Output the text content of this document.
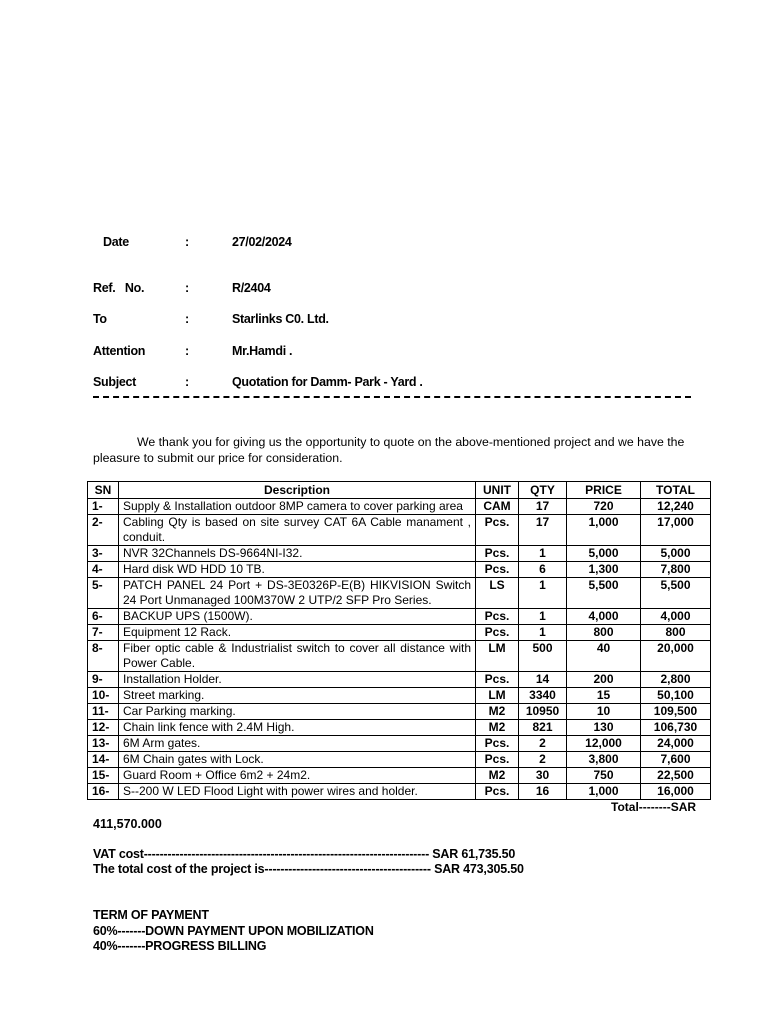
Date	:	27/02/2024
Ref.   No.	:	R/2404
To	:	Starlinks C0. Ltd.
Attention	:	Mr.Hamdi .
Subject	:	Quotation for Damm- Park - Yard .

We thank you for giving us the opportunity to quote on the above-mentioned project and we have the pleasure to submit our price for consideration.

SN	Description	UNIT	QTY	PRICE	TOTAL
1-	Supply & Installation outdoor 8MP camera to cover parking area	CAM	17	720	12,240
2-	Cabling Qty is based on site survey CAT 6A Cable manament , conduit.	Pcs.	17	1,000	17,000
3-	NVR 32Channels DS-9664NI-I32.	Pcs.	1	5,000	5,000
4-	Hard disk WD HDD 10 TB.	Pcs.	6	1,300	7,800
5-	PATCH PANEL 24 Port + DS-3E0326P-E(B) HIKVISION Switch 24 Port Unmanaged 100M370W 2 UTP/2 SFP Pro Series.	LS	1	5,500	5,500
6-	BACKUP UPS (1500W).	Pcs.	1	4,000	4,000
7-	Equipment 12 Rack.	Pcs.	1	800	800
8-	Fiber optic cable & Industrialist switch to cover all distance with Power Cable.	LM	500	40	20,000
9-	Installation Holder.	Pcs.	14	200	2,800
10-	Street marking.	LM	3340	15	50,100
11-	Car Parking marking.	M2	10950	10	109,500
12-	Chain link fence with 2.4M High.	M2	821	130	106,730
13-	6M Arm gates.	Pcs.	2	12,000	24,000
14-	6M Chain gates with Lock.	Pcs.	2	3,800	7,600
15-	Guard Room + Office 6m2 + 24m2.	M2	30	750	22,500
16-	S--200 W LED Flood Light with power wires and holder.	Pcs.	16	1,000	16,000
Total--------SAR
411,570.000
VAT cost------------------------------------------------------------------------ SAR 61,735.50
The total cost of the project is------------------------------------------ SAR 473,305.50
TERM OF PAYMENT
60%-------DOWN PAYMENT UPON MOBILIZATION
40%-------PROGRESS BILLING
